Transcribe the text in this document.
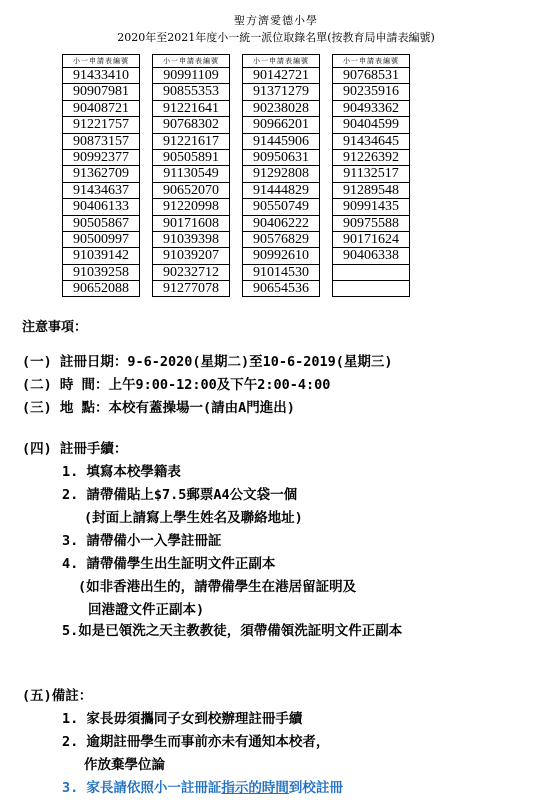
聖方濟愛德小學
2020年至2021年度小一統一派位取錄名單(按教育局申請表編號)
小一申請表編號
91433410
90907981
90408721
91221757
90873157
90992377
91362709
91434637
90406133
90505867
90500997
91039142
91039258
90652088
小一申請表編號
90991109
90855353
91221641
90768302
91221617
90505891
91130549
90652070
91220998
90171608
91039398
91039207
90232712
91277078
小一申請表編號
90142721
91371279
90238028
90966201
91445906
90950631
91292808
91444829
90550749
90406222
90576829
90992610
91014530
90654536
小一申請表編號
90768531
90235916
90493362
90404599
91434645
91226392
91132517
91289548
90991435
90975588
90171624
90406338
注意事項：
(一) 註冊日期：9-6-2020(星期二)至10-6-2019(星期三)
(二) 時 間：上午9:00-12:00及下午2:00-4:00
(三) 地 點：本校有蓋操場一(請由A門進出)
(四) 註冊手續：
1. 填寫本校學籍表
2. 請帶備貼上$7.5郵票A4公文袋一個
(封面上請寫上學生姓名及聯絡地址)
3. 請帶備小一入學註冊証
4. 請帶備學生出生証明文件正副本
(如非香港出生的，請帶備學生在港居留証明及
回港證文件正副本)
5.如是已領洗之天主教教徒，須帶備領洗証明文件正副本
(五)備註：
1. 家長毋須攜同子女到校辦理註冊手續
2. 逾期註冊學生而事前亦未有通知本校者，
作放棄學位論
3. 家長請依照小一註冊証指示的時間到校註冊
